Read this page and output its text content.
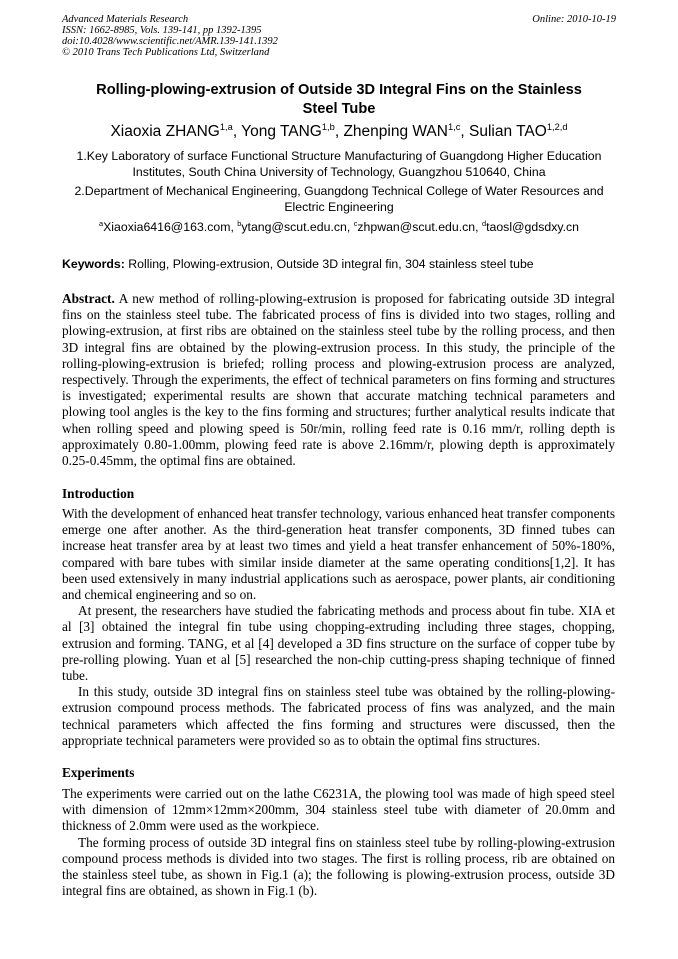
Advanced Materials Research
ISSN: 1662-8985, Vols. 139-141, pp 1392-1395
doi:10.4028/www.scientific.net/AMR.139-141.1392
© 2010 Trans Tech Publications Ltd, Switzerland
Online: 2010-10-19
Rolling-plowing-extrusion of Outside 3D Integral Fins on the Stainless
Steel Tube
Xiaoxia ZHANG$^{1,a}$, Yong TANG$^{1,b}$, Zhenping WAN$^{1,c}$, Sulian TAO$^{1,2,d}$
1.Key Laboratory of surface Functional Structure Manufacturing of Guangdong Higher Education
Institutes, South China University of Technology, Guangzhou 510640, China
2.Department of Mechanical Engineering, Guangdong Technical College of Water Resources and
Electric Engineering
$^a$Xiaoxia6416@163.com, $^b$ytang@scut.edu.cn, $^c$zhpwan@scut.edu.cn, $^d$taosl@gdsdxy.cn
Keywords: Rolling, Plowing-extrusion, Outside 3D integral fin, 304 stainless steel tube

Abstract. A new method of rolling-plowing-extrusion is proposed for fabricating outside 3D integral fins on the stainless steel tube. The fabricated process of fins is divided into two stages, rolling and plowing-extrusion, at first ribs are obtained on the stainless steel tube by the rolling process, and then 3D integral fins are obtained by the plowing-extrusion process. In this study, the principle of the rolling-plowing-extrusion is briefed; rolling process and plowing-extrusion process are analyzed, respectively. Through the experiments, the effect of technical parameters on fins forming and structures is investigated; experimental results are shown that accurate matching technical parameters and plowing tool angles is the key to the fins forming and structures; further analytical results indicate that when rolling speed and plowing speed is 50r/min, rolling feed rate is 0.16 mm/r, rolling depth is approximately 0.80-1.00mm, plowing feed rate is above 2.16mm/r, plowing depth is approximately 0.25-0.45mm, the optimal fins are obtained.

Introduction

With the development of enhanced heat transfer technology, various enhanced heat transfer components emerge one after another. As the third-generation heat transfer components, 3D finned tubes can increase heat transfer area by at least two times and yield a heat transfer enhancement of 50%-180%, compared with bare tubes with similar inside diameter at the same operating conditions[1,2]. It has been used extensively in many industrial applications such as aerospace, power plants, air conditioning and chemical engineering and so on.

At present, the researchers have studied the fabricating methods and process about fin tube. XIA et al [3] obtained the integral fin tube using chopping-extruding including three stages, chopping, extrusion and forming. TANG, et al [4] developed a 3D fins structure on the surface of copper tube by pre-rolling plowing. Yuan et al [5] researched the non-chip cutting-press shaping technique of finned tube.

In this study, outside 3D integral fins on stainless steel tube was obtained by the rolling-plowing-extrusion compound process methods. The fabricated process of fins was analyzed, and the main technical parameters which affected the fins forming and structures were discussed, then the appropriate technical parameters were provided so as to obtain the optimal fins structures.

Experiments

The experiments were carried out on the lathe C6231A, the plowing tool was made of high speed steel with dimension of 12mm×12mm×200mm, 304 stainless steel tube with diameter of 20.0mm and thickness of 2.0mm were used as the workpiece.

The forming process of outside 3D integral fins on stainless steel tube by rolling-plowing-extrusion compound process methods is divided into two stages. The first is rolling process, rib are obtained on the stainless steel tube, as shown in Fig.1 (a); the following is plowing-extrusion process, outside 3D integral fins are obtained, as shown in Fig.1 (b).
